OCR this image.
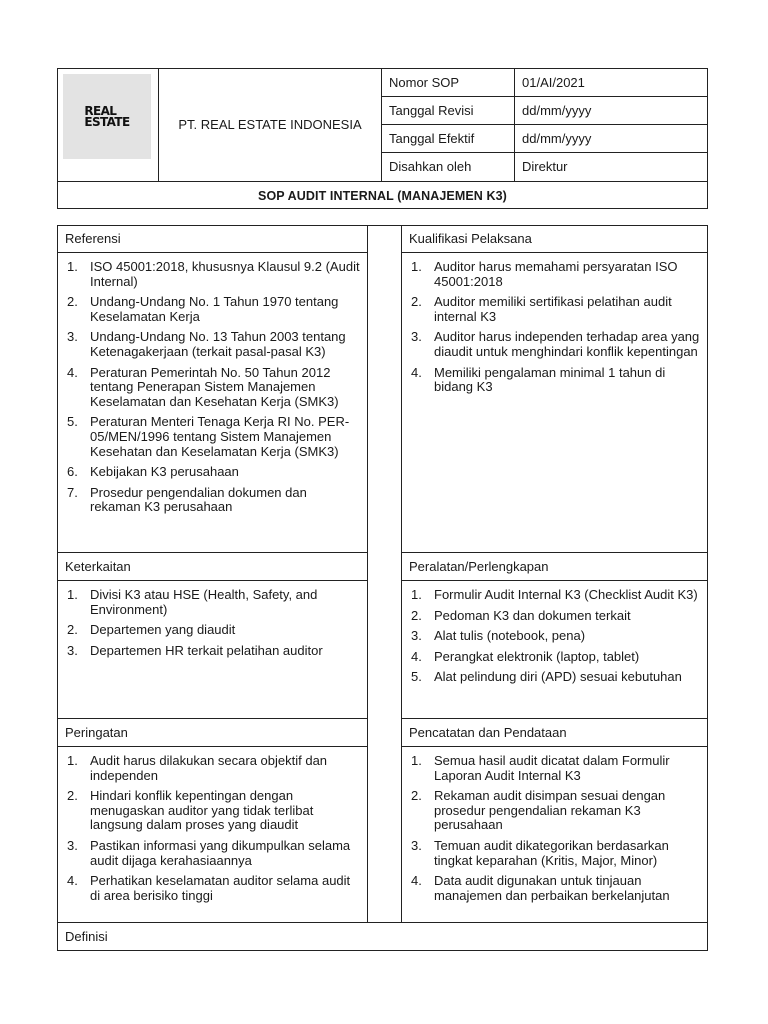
REAL
ESTATE	PT. REAL ESTATE INDONESIA
Nomor SOP	01/AI/2021
Tanggal Revisi	dd/mm/yyyy
Tanggal Efektif	dd/mm/yyyy
Disahkan oleh	Direktur
SOP AUDIT INTERNAL (MANAJEMEN K3)
Referensi	Kualifikasi Pelaksana
Keterkaitan	Peralatan/Perlengkapan
Peringatan	Pencatatan dan Pendataan
Definisi
1. ISO 45001:2018, khususnya Klausul 9.2 (Audit Internal)
2. Undang-Undang No. 1 Tahun 1970 tentang Keselamatan Kerja
3. Undang-Undang No. 13 Tahun 2003 tentang Ketenagakerjaan (terkait pasal-pasal K3)
4. Peraturan Pemerintah No. 50 Tahun 2012 tentang Penerapan Sistem Manajemen Keselamatan dan Kesehatan Kerja (SMK3)
5. Peraturan Menteri Tenaga Kerja RI No. PER-05/MEN/1996 tentang Sistem Manajemen Kesehatan dan Keselamatan Kerja (SMK3)
6. Kebijakan K3 perusahaan
7. Prosedur pengendalian dokumen dan rekaman K3 perusahaan
1. Auditor harus memahami persyaratan ISO 45001:2018
2. Auditor memiliki sertifikasi pelatihan audit internal K3
3. Auditor harus independen terhadap area yang diaudit untuk menghindari konflik kepentingan
4. Memiliki pengalaman minimal 1 tahun di bidang K3
1. Divisi K3 atau HSE (Health, Safety, and Environment)
2. Departemen yang diaudit
3. Departemen HR terkait pelatihan auditor
1. Formulir Audit Internal K3 (Checklist Audit K3)
2. Pedoman K3 dan dokumen terkait
3. Alat tulis (notebook, pena)
4. Perangkat elektronik (laptop, tablet)
5. Alat pelindung diri (APD) sesuai kebutuhan
1. Audit harus dilakukan secara objektif dan independen
2. Hindari konflik kepentingan dengan menugaskan auditor yang tidak terlibat langsung dalam proses yang diaudit
3. Pastikan informasi yang dikumpulkan selama audit dijaga kerahasiaannya
4. Perhatikan keselamatan auditor selama audit di area berisiko tinggi
1. Semua hasil audit dicatat dalam Formulir Laporan Audit Internal K3
2. Rekaman audit disimpan sesuai dengan prosedur pengendalian rekaman K3 perusahaan
3. Temuan audit dikategorikan berdasarkan tingkat keparahan (Kritis, Major, Minor)
4. Data audit digunakan untuk tinjauan manajemen dan perbaikan berkelanjutan
